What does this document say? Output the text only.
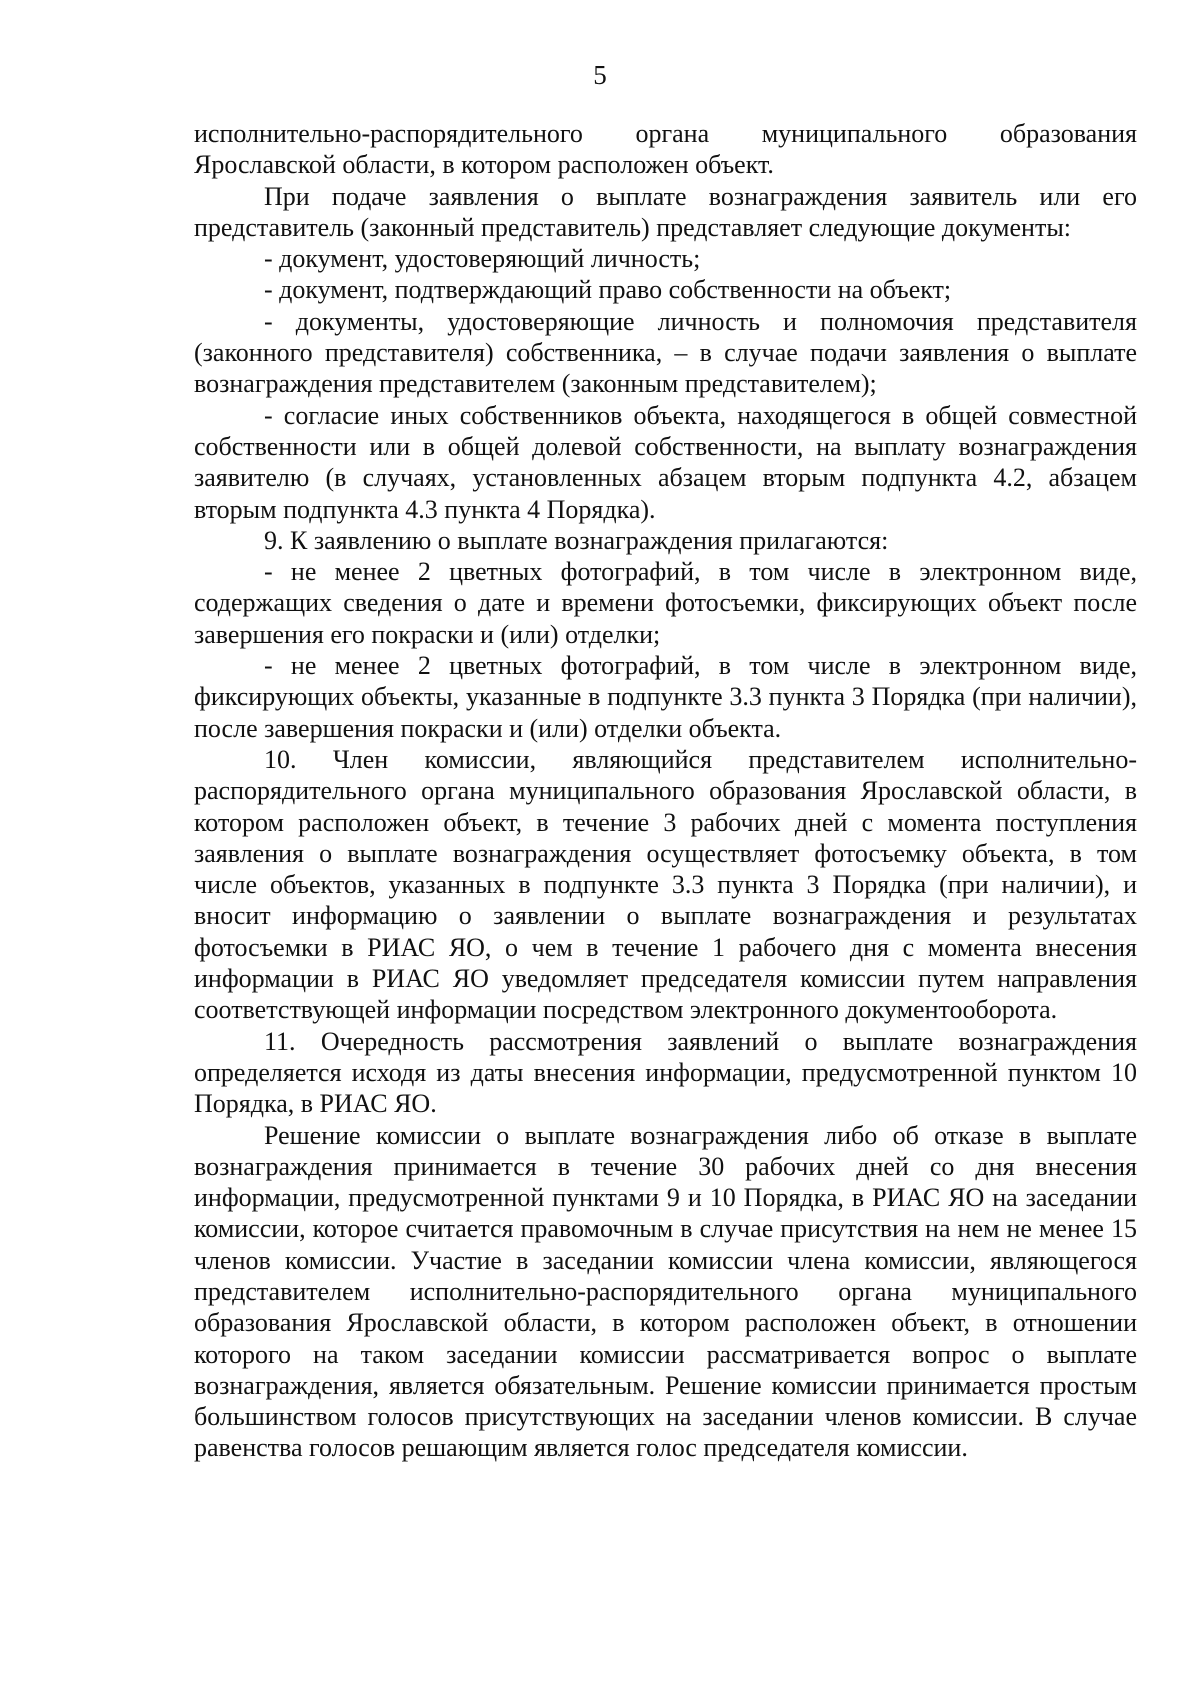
5

исполнительно-распорядительного органа муниципального образования Ярославской области, в котором расположен объект.

При подаче заявления о выплате вознаграждения заявитель или его представитель (законный представитель) представляет следующие документы:

- документ, удостоверяющий личность;

- документ, подтверждающий право собственности на объект;

- документы, удостоверяющие личность и полномочия представителя (законного представителя) собственника, – в случае подачи заявления о выплате вознаграждения представителем (законным представителем);

- согласие иных собственников объекта, находящегося в общей совместной собственности или в общей долевой собственности, на выплату вознаграждения заявителю (в случаях, установленных абзацем вторым подпункта 4.2, абзацем вторым подпункта 4.3 пункта 4 Порядка).

9. К заявлению о выплате вознаграждения прилагаются:

- не менее 2 цветных фотографий, в том числе в электронном виде, содержащих сведения о дате и времени фотосъемки, фиксирующих объект после завершения его покраски и (или) отделки;

- не менее 2 цветных фотографий, в том числе в электронном виде, фиксирующих объекты, указанные в подпункте 3.3 пункта 3 Порядка (при наличии), после завершения покраски и (или) отделки объекта.

10. Член комиссии, являющийся представителем исполнительно-распорядительного органа муниципального образования Ярославской области, в котором расположен объект, в течение 3 рабочих дней с момента поступления заявления о выплате вознаграждения осуществляет фотосъемку объекта, в том числе объектов, указанных в подпункте 3.3 пункта 3 Порядка (при наличии), и вносит информацию о заявлении о выплате вознаграждения и результатах фотосъемки в РИАС ЯО, о чем в течение 1 рабочего дня с момента внесения информации в РИАС ЯО уведомляет председателя комиссии путем направления соответствующей информации посредством электронного документооборота.

11. Очередность рассмотрения заявлений о выплате вознаграждения определяется исходя из даты внесения информации, предусмотренной пунктом 10 Порядка, в РИАС ЯО.

Решение комиссии о выплате вознаграждения либо об отказе в выплате вознаграждения принимается в течение 30 рабочих дней со дня внесения информации, предусмотренной пунктами 9 и 10 Порядка, в РИАС ЯО на заседании комиссии, которое считается правомочным в случае присутствия на нем не менее 15 членов комиссии. Участие в заседании комиссии члена комиссии, являющегося представителем исполнительно-распорядительного органа муниципального образования Ярославской области, в котором расположен объект, в отношении которого на таком заседании комиссии рассматривается вопрос о выплате вознаграждения, является обязательным. Решение комиссии принимается простым большинством голосов присутствующих на заседании членов комиссии. В случае равенства голосов решающим является голос председателя комиссии.
